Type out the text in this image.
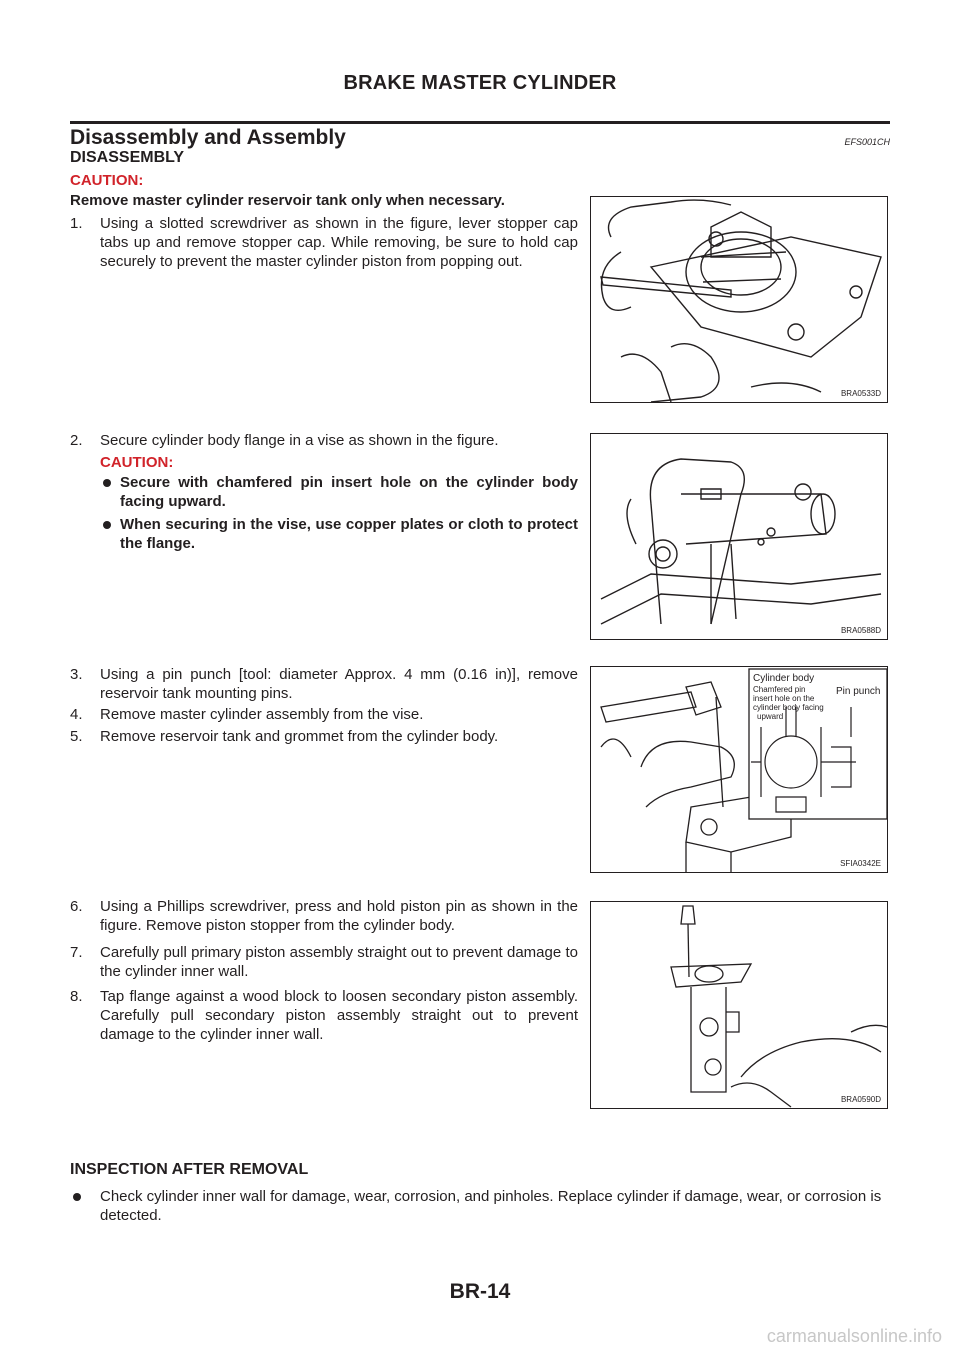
BRAKE MASTER CYLINDER
Disassembly and Assembly	EFS001CH
DISASSEMBLY
CAUTION:
Remove master cylinder reservoir tank only when necessary.
1. Using a slotted screwdriver as shown in the figure, lever stopper cap tabs up and remove stopper cap. While removing, be sure to hold cap securely to prevent the master cylinder piston from popping out.
BRA0533D
2. Secure cylinder body flange in a vise as shown in the figure.
CAUTION:
Secure with chamfered pin insert hole on the cylinder body facing upward.
When securing in the vise, use copper plates or cloth to protect the flange.
BRA0588D
3. Using a pin punch [tool: diameter Approx. 4 mm (0.16 in)], remove reservoir tank mounting pins.
4. Remove master cylinder assembly from the vise.
5. Remove reservoir tank and grommet from the cylinder body.
Cylinder body
Chamfered pin
insert hole on the
cylinder body facing
upward
Pin punch
SFIA0342E
6. Using a Phillips screwdriver, press and hold piston pin as shown in the figure. Remove piston stopper from the cylinder body.
7. Carefully pull primary piston assembly straight out to prevent damage to the cylinder inner wall.
8. Tap flange against a wood block to loosen secondary piston assembly. Carefully pull secondary piston assembly straight out to prevent damage to the cylinder inner wall.
BRA0590D
INSPECTION AFTER REMOVAL
Check cylinder inner wall for damage, wear, corrosion, and pinholes. Replace cylinder if damage, wear, or corrosion is detected.
BR-14
carmanualsonline.info
